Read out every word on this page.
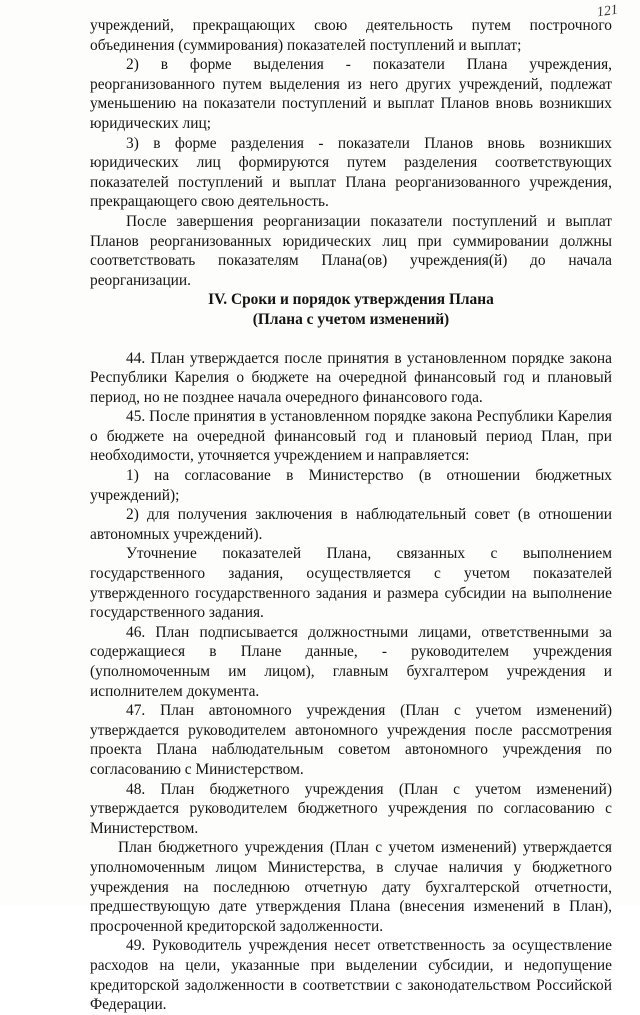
121

учреждений, прекращающих свою деятельность путем построчного объединения (суммирования) показателей поступлений и выплат;

2) в форме выделения - показатели Плана учреждения, реорганизованного путем выделения из него других учреждений, подлежат уменьшению на показатели поступлений и выплат Планов вновь возникших юридических лиц;

3) в форме разделения - показатели Планов вновь возникших юридических лиц формируются путем разделения соответствующих показателей поступлений и выплат Плана реорганизованного учреждения, прекращающего свою деятельность.

После завершения реорганизации показатели поступлений и выплат Планов реорганизованных юридических лиц при суммировании должны соответствовать показателям Плана(ов) учреждения(й) до начала реорганизации.

IV. Сроки и порядок утверждения Плана

(Плана с учетом изменений)

44. План утверждается после принятия в установленном порядке закона Республики Карелия о бюджете на очередной финансовый год и плановый период, но не позднее начала очередного финансового года.

45. После принятия в установленном порядке закона Республики Карелия о бюджете на очередной финансовый год и плановый период План, при необходимости, уточняется учреждением и направляется:

1) на согласование в Министерство (в отношении бюджетных учреждений);

2) для получения заключения в наблюдательный совет (в отношении автономных учреждений).

Уточнение показателей Плана, связанных с выполнением государственного задания, осуществляется с учетом показателей утвержденного государственного задания и размера субсидии на выполнение государственного задания.

46. План подписывается должностными лицами, ответственными за содержащиеся в Плане данные, - руководителем учреждения (уполномоченным им лицом), главным бухгалтером учреждения и исполнителем документа.

47. План автономного учреждения (План с учетом изменений) утверждается руководителем автономного учреждения после рассмотрения проекта Плана наблюдательным советом автономного учреждения по согласованию с Министерством.

48. План бюджетного учреждения (План с учетом изменений) утверждается руководителем бюджетного учреждения по согласованию с Министерством.

План бюджетного учреждения (План с учетом изменений) утверждается уполномоченным лицом Министерства, в случае наличия у бюджетного учреждения на последнюю отчетную дату бухгалтерской отчетности, предшествующую дате утверждения Плана (внесения изменений в План), просроченной кредиторской задолженности.

49. Руководитель учреждения несет ответственность за осуществление расходов на цели, указанные при выделении субсидии, и недопущение кредиторской задолженности в соответствии с законодательством Российской Федерации.
